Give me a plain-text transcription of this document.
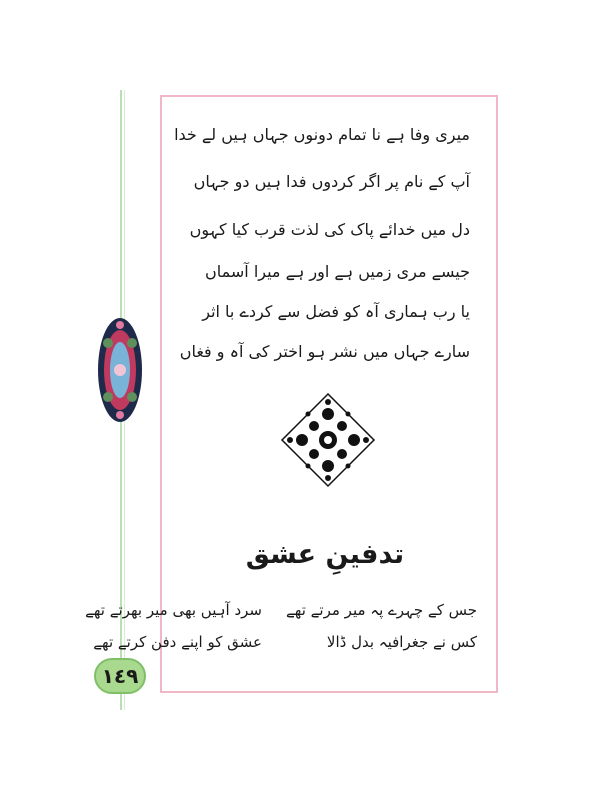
میری وفا ہے نا تمام دونوں جہاں ہیں لے خدا
آپ کے نام پر اگر کردوں فدا ہیں دو جہاں
دل میں خدائے پاک کی لذت قرب کیا کہوں
جیسے مری زمیں ہے اور ہے میرا آسماں
یا رب ہماری آہ کو فضل سے کردے با اثر
سارے جہاں میں نشر ہو اختر کی آہ و فغاں
تدفینِ عشق
جس کے چہرے پہ میر مرتے تھے
کس نے جغرافیہ بدل ڈالا
سرد آہیں بھی میر بھرتے تھے
عشق کو اپنے دفن کرتے تھے
١٤٩
